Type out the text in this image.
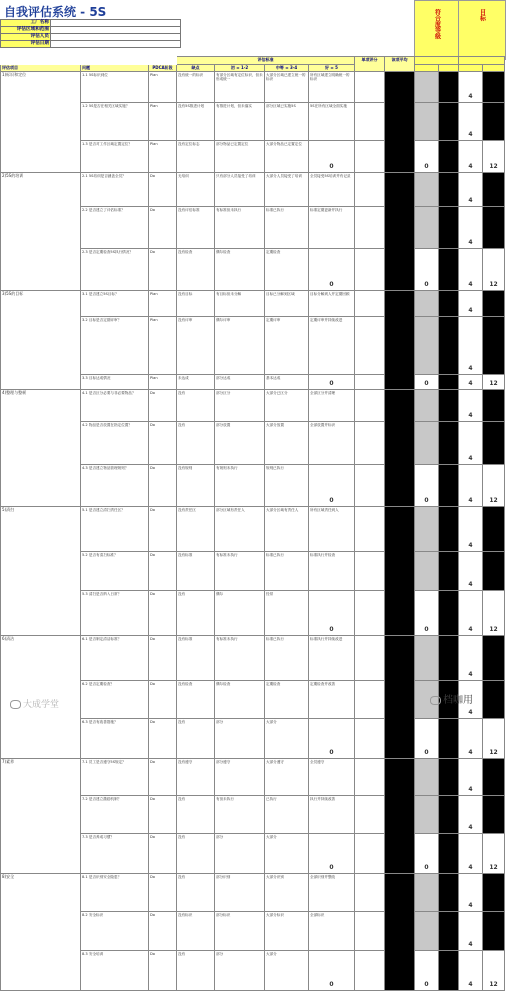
自我评估系统 - 5S
工厂名称	
评估区域和范围	
评估人员	
评估日期	
符合度等级	目标
			评估标准				单项评分	该项平均				
评估项目	问题	PDCA阶段	缺点	初 = 1-2	中等 = 3-4	好 = 5						
1)标识和定位	1.1 5S标识到位	Plan	没有统一的标识	有部分区域有定位标识，但未形成统一	大部分区域已建立统一的标识	所有区域建立明确统一的标识					4	
	1.2 5S是否在相关区域实施？	Plan	没有5S推进计划	有推进计划，但未落实	部分区域已实施5S	5S在所有区域全面实施					4	
	1.3 是否对工作区域定置定位？	Plan	没有定位标志	部分物品已定置定位	大部分物品已定置定位	0			0		4	12
2)5S的培训	2.1 5S培训是否涵盖全员？	Do	无培训	只有部分人员接受了培训	大部分人员接受了培训	全员接受5S培训并有记录					4	
	2.2 是否建立了评估标准？	Do	没有评估标准	有标准但未执行	标准已执行	标准定期更新并执行					4	
	2.3 是否定期检查5S执行情况？	Do	没有检查	偶尔检查	定期检查	0			0		4	12
3)5S的目标	3.1 是否建立5S目标？	Plan	没有目标	有目标但未分解	目标已分解到区域	目标分解到人并定期回顾					4	
	3.2 目标是否定期评审？	Plan	没有评审	偶尔评审	定期评审	定期评审并持续改进					4	
	3.3 目标达成情况	Plan	未达成	部分达成	基本达成	0			0		4	12
4)整理与整顿	4.1 是否区分必要与非必要物品？	Do	没有	部分区分	大部分已区分	全部区分并清理					4	
	4.2 物品是否放置在指定位置？	Do	没有	部分放置	大部分放置	全部放置并标识					4	
	4.3 是否建立物品管理规则？	Do	没有规则	有规则未执行	规则已执行	0			0		4	12
5)清扫	5.1 是否建立清扫责任区？	Do	没有责任区	部分区域有责任人	大部分区域有责任人	所有区域责任到人					4	
	5.2 是否有清扫标准？	Do	没有标准	有标准未执行	标准已执行	标准执行并检查					4	
	5.3 清扫是否纳入日常？	Do	没有	偶尔	经常	0			0		4	12
6)清洁	6.1 是否制定清洁标准？	Do	没有标准	有标准未执行	标准已执行	标准执行并持续改进					4	
	6.2 是否定期检查？	Do	没有检查	偶尔检查	定期检查	定期检查并改善					4	
	6.3 是否有改善措施？	Do	没有	部分	大部分	0			0		4	12
7)素养	7.1 员工是否遵守5S规定？	Do	没有遵守	部分遵守	大部分遵守	全员遵守					4	
	7.2 是否建立激励机制？	Do	没有	有但未执行	已执行	执行并持续改善					4	
	7.3 是否养成习惯？	Do	没有	部分	大部分	0			0		4	12
8)安全	8.1 是否识别安全隐患？	Do	没有	部分识别	大部分识别	全部识别并整改					4	
	8.2 安全标识	Do	没有标识	部分标识	大部分标识	全部标识					4	
	8.3 安全培训	Do	没有	部分	大部分	0			0		4	12
大成学堂	档咖用
